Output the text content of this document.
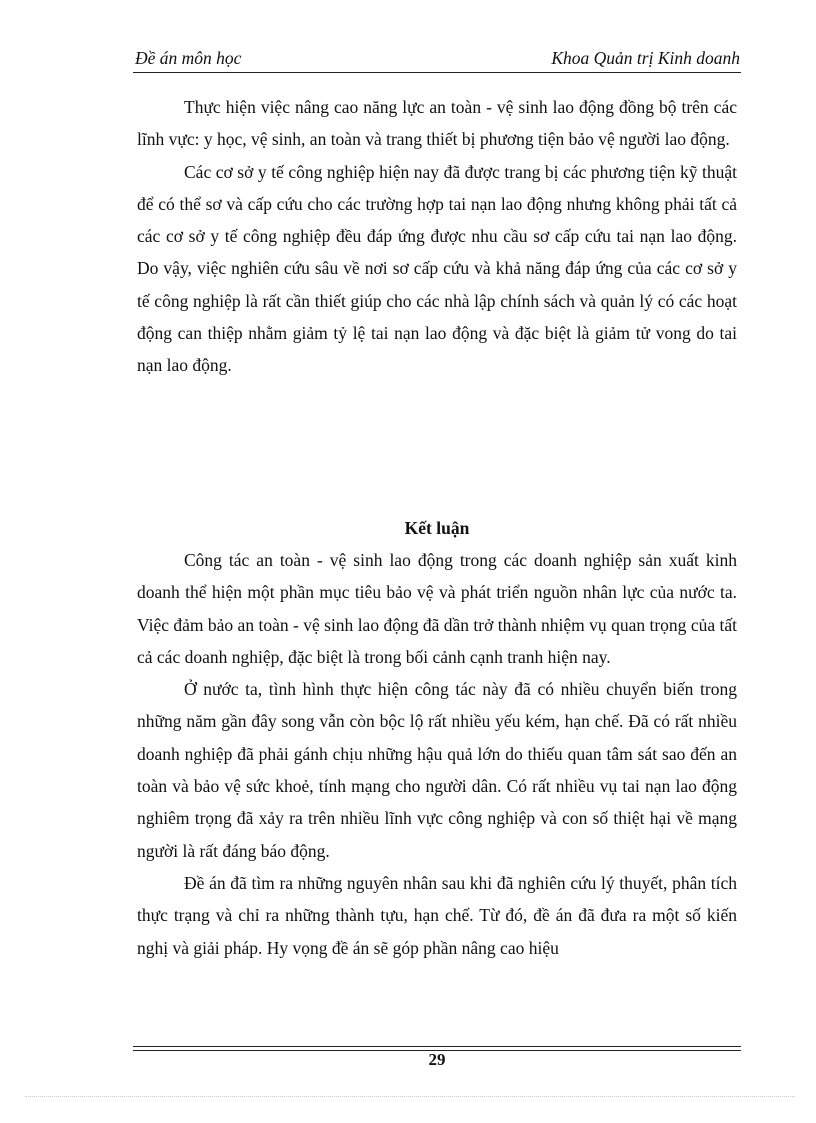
Đề án môn học	Khoa Quản trị Kinh doanh

Thực hiện việc nâng cao năng lực an toàn - vệ sinh lao động đồng bộ trên các lĩnh vực: y học, vệ sinh, an toàn và trang thiết bị phương tiện bảo vệ người lao động.

Các cơ sở y tế công nghiệp hiện nay đã được trang bị các phương tiện kỹ thuật để có thể sơ và cấp cứu cho các trường hợp tai nạn lao động nhưng không phải tất cả các cơ sở y tế công nghiệp đều đáp ứng được nhu cầu sơ cấp cứu tai nạn lao động. Do vậy, việc nghiên cứu sâu về nơi sơ cấp cứu và khả năng đáp ứng của các cơ sở y tế công nghiệp là rất cần thiết giúp cho các nhà lập chính sách và quản lý có các hoạt động can thiệp nhằm giảm tỷ lệ tai nạn lao động và đặc biệt là giảm tử vong do tai nạn lao động.

Kết luận

Công tác an toàn - vệ sinh lao động trong các doanh nghiệp sản xuất kinh doanh thể hiện một phần mục tiêu bảo vệ và phát triển nguồn nhân lực của nước ta. Việc đảm bảo an toàn - vệ sinh lao động đã dần trở thành nhiệm vụ quan trọng của tất cả các doanh nghiệp, đặc biệt là trong bối cảnh cạnh tranh hiện nay.

Ở nước ta, tình hình thực hiện công tác này đã có nhiều chuyển biến trong những năm gần đây song vẫn còn bộc lộ rất nhiều yếu kém, hạn chế. Đã có rất nhiều doanh nghiệp đã phải gánh chịu những hậu quả lớn do thiếu quan tâm sát sao đến an toàn và bảo vệ sức khoẻ, tính mạng cho người dân. Có rất nhiều vụ tai nạn lao động nghiêm trọng đã xảy ra trên nhiều lĩnh vực công nghiệp và con số thiệt hại về mạng người là rất đáng báo động.

Đề án đã tìm ra những nguyên nhân sau khi đã nghiên cứu lý thuyết, phân tích thực trạng và chỉ ra những thành tựu, hạn chế. Từ đó, đề án đã đưa ra một số kiến nghị và giải pháp. Hy vọng đề án sẽ góp phần nâng cao hiệu

29
